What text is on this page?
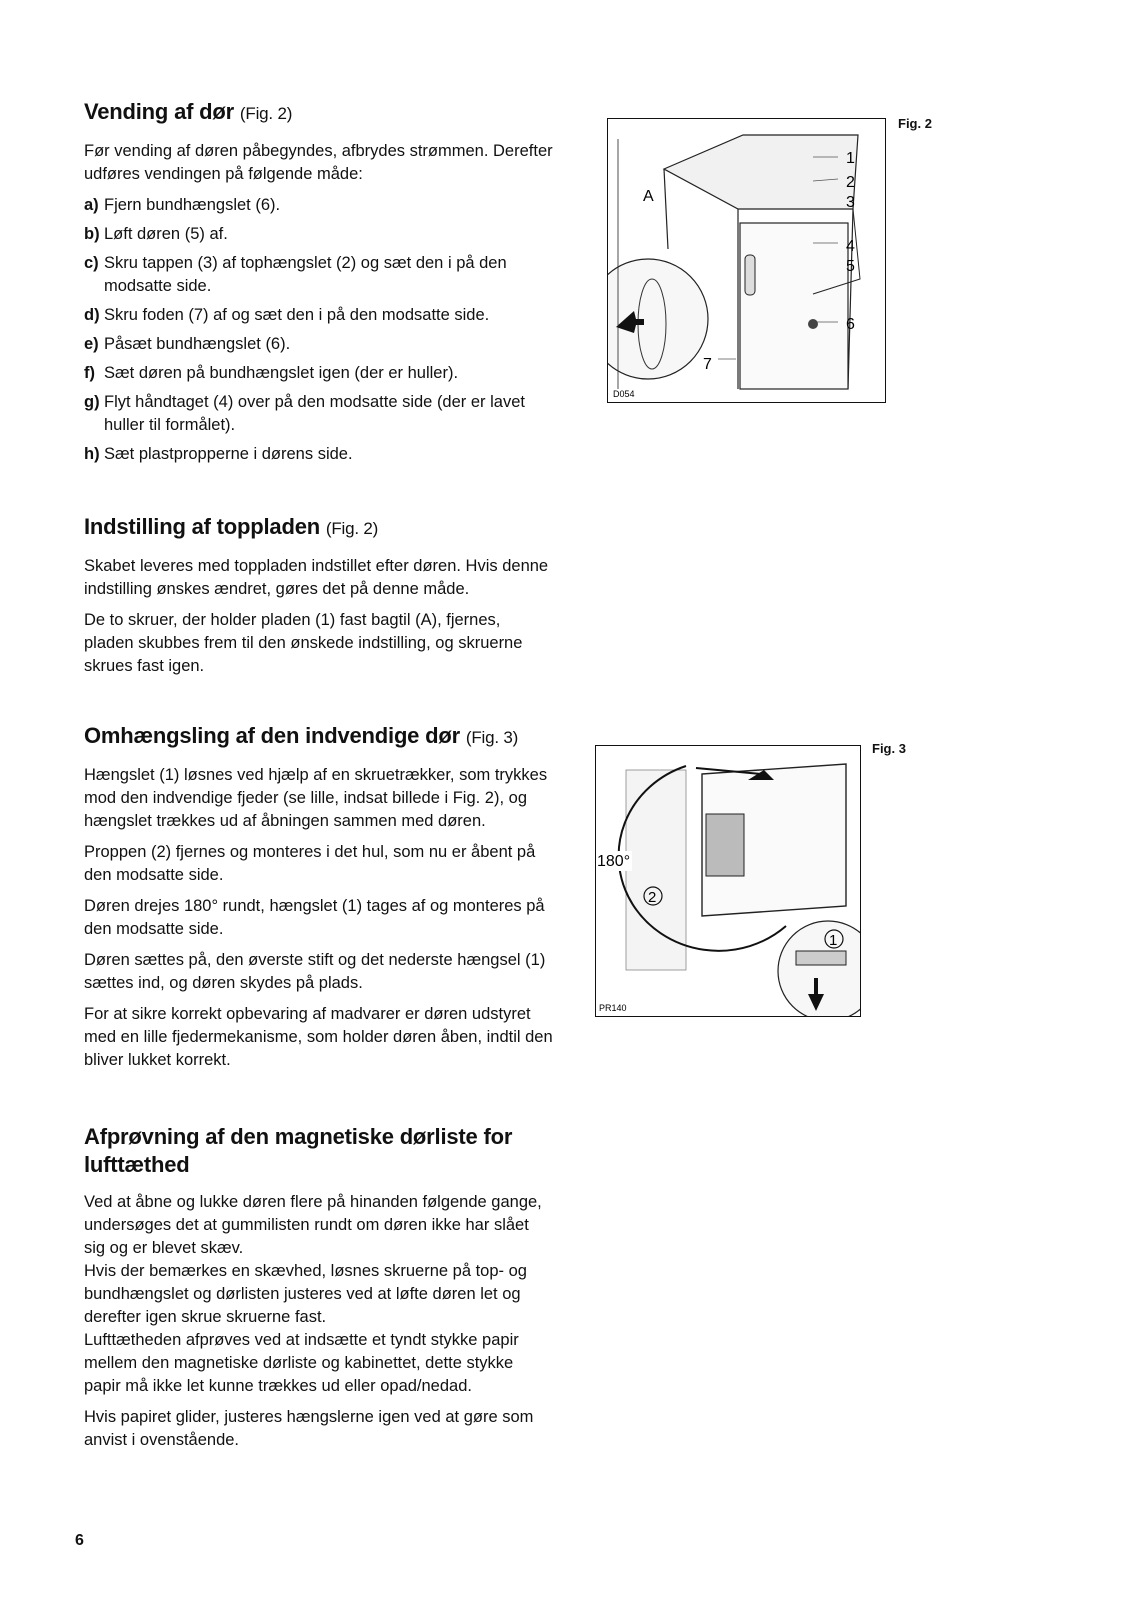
Vending af dør (Fig. 2)

Før vending af døren påbegyndes, afbrydes strømmen. Derefter udføres vendingen på følgende måde:

a) Fjern bundhængslet (6).
b) Løft døren (5) af.
c) Skru tappen (3) af tophængslet (2) og sæt den i på den modsatte side.
d) Skru foden (7) af og sæt den i på den modsatte side.
e) Påsæt bundhængslet (6).
f) Sæt døren på bundhængslet igen (der er huller).
g) Flyt håndtaget (4) over på den modsatte side (der er lavet huller til formålet).
h) Sæt plastpropperne i dørens side.
Indstilling af toppladen (Fig. 2)

Skabet leveres med toppladen indstillet efter døren. Hvis denne indstilling ønskes ændret, gøres det på denne måde.

De to skruer, der holder pladen (1) fast bagtil (A), fjernes, pladen skubbes frem til den ønskede indstilling, og skruerne skrues fast igen.

Omhængsling af den indvendige dør (Fig. 3)

Hængslet (1) løsnes ved hjælp af en skruetrækker, som trykkes mod den indvendige fjeder (se lille, indsat billede i Fig. 2), og hængslet trækkes ud af åbningen sammen med døren.

Proppen (2) fjernes og monteres i det hul, som nu er åbent på den modsatte side.

Døren drejes 180° rundt, hængslet (1) tages af og monteres på den modsatte side.

Døren sættes på, den øverste stift og det nederste hængsel (1) sættes ind, og døren skydes på plads.

For at sikre korrekt opbevaring af madvarer er døren udstyret med en lille fjedermekanisme, som holder døren åben, indtil den bliver lukket korrekt.

Afprøvning af den magnetiske dørliste for lufttæthed

Ved at åbne og lukke døren flere på hinanden følgende gange, undersøges det at gummilisten rundt om døren ikke har slået sig og er blevet skæv.

Hvis der bemærkes en skævhed, løsnes skruerne på top- og bundhængslet og dørlisten justeres ved at løfte døren let og derefter igen skrue skruerne fast.

Lufttætheden afprøves ved at indsætte et tyndt stykke papir mellem den magnetiske dørliste og kabinettet, dette stykke papir må ikke let kunne trækkes ud eller opad/nedad.

Hvis papiret glider, justeres hængslerne igen ved at gøre som anvist i ovenstående.

A
1
2
3
4
5
6
7
D054
Fig. 2
2
1
180°
PR140
Fig. 3
6
